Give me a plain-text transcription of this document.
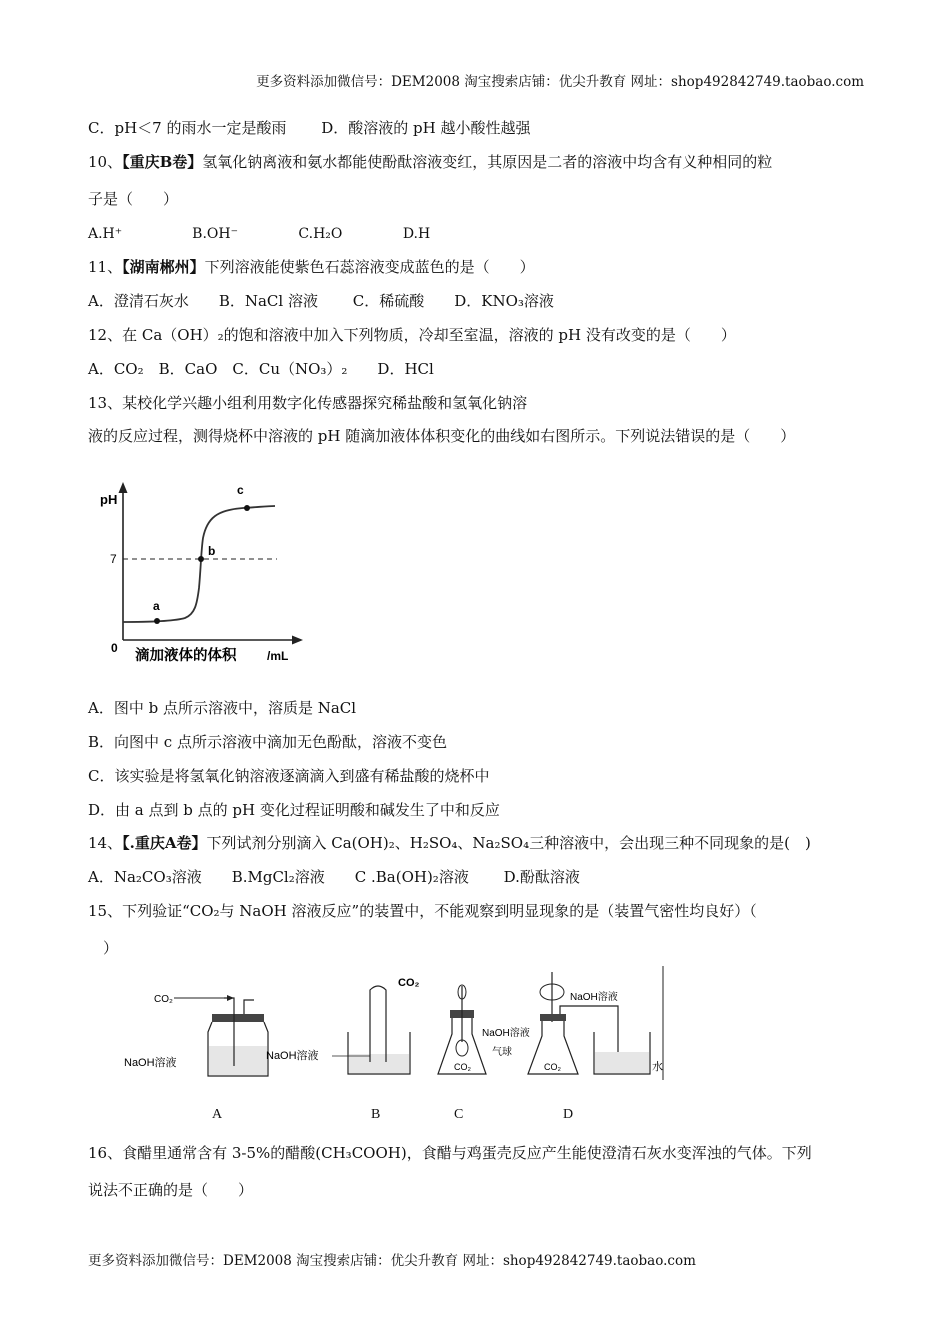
更多资料添加微信号：DEM2008 淘宝搜索店铺：优尖升教育 网址：shop492842749.taobao.com
C．pH＜7 的雨水一定是酸雨　　 D．酸溶液的 pH 越小酸性越强
10、【重庆B卷】氢氧化钠离液和氨水都能使酚酞溶液变红，其原因是二者的溶液中均含有义种相同的粒
子是（　　）
A.H⁺　　　　　B.OH⁻　　　　 C.H₂O　　　　 D.H
11、【湖南郴州】下列溶液能使紫色石蕊溶液变成蓝色的是（　　）
A．澄清石灰水　　B．NaCl 溶液　　 C．稀硫酸　　D．KNO₃溶液
12、在 Ca（OH）₂的饱和溶液中加入下列物质，冷却至室温，溶液的 pH 没有改变的是（　　）
A．CO₂　B．CaO　C．Cu（NO₃）₂　　D．HCl
13、某校化学兴趣小组利用数字化传感器探究稀盐酸和氢氧化钠溶
液的反应过程，测得烧杯中溶液的 pH 随滴加液体体积变化的曲线如右图所示。下列说法错误的是（　　）
pH
7
0
a
b
c
滴加液体的体积	/mL
A．图中 b 点所示溶液中，溶质是 NaCl
B．向图中 c 点所示溶液中滴加无色酚酞，溶液不变色
C．该实验是将氢氧化钠溶液逐滴滴入到盛有稀盐酸的烧杯中
D．由 a 点到 b 点的 pH 变化过程证明酸和碱发生了中和反应
14、【.重庆A卷】下列试剂分别滴入 Ca(OH)₂、H₂SO₄、Na₂SO₄三种溶液中，会出现三种不同现象的是(　)
A．Na₂CO₃溶液　　B.MgCl₂溶液　　C .Ba(OH)₂溶液　　 D.酚酞溶液
15、下列验证“CO₂与 NaOH 溶液反应”的装置中，不能观察到明显现象的是（装置气密性均良好）（
　）
CO₂
NaOH溶液
CO₂
NaOH溶液
NaOH溶液
气球
CO₂
NaOH溶液
CO₂	水
A	B	C	D
16、食醋里通常含有 3-5%的醋酸(CH₃COOH)，食醋与鸡蛋壳反应产生能使澄清石灰水变浑浊的气体。下列
说法不正确的是（　　）
更多资料添加微信号：DEM2008 淘宝搜索店铺：优尖升教育 网址：shop492842749.taobao.com
